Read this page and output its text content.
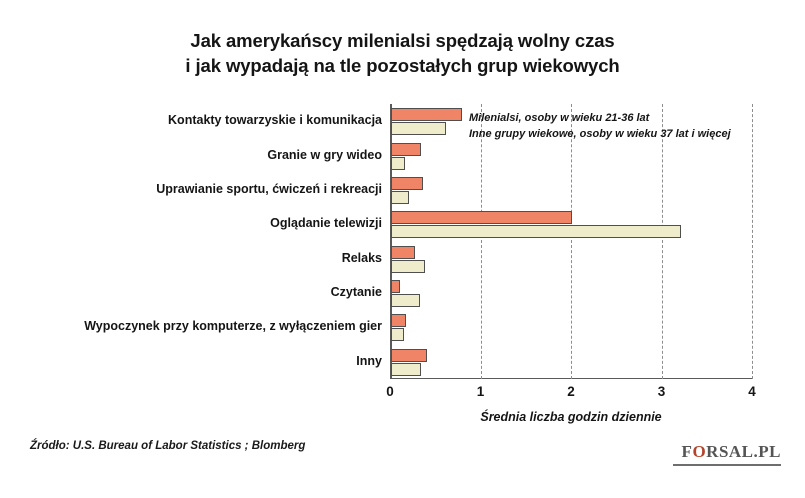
Jak amerykańscy milenialsi spędzają wolny czas
i jak wypadają na tle pozostałych grup wiekowych
Kontakty towarzyskie i komunikacja
Granie w gry wideo
Uprawianie sportu, ćwiczeń i rekreacji
Oglądanie telewizji
Relaks
Czytanie
Wypoczynek przy komputerze, z wyłączeniem gier
Inny
Milenialsi, osoby w wieku 21-36 lat
Inne grupy wiekowe, osoby w wieku 37 lat i więcej
0	1	2	3	4
Średnia liczba godzin dziennie
Źródło: U.S. Bureau of Labor Statistics ; Blomberg	FORSAL.PL
